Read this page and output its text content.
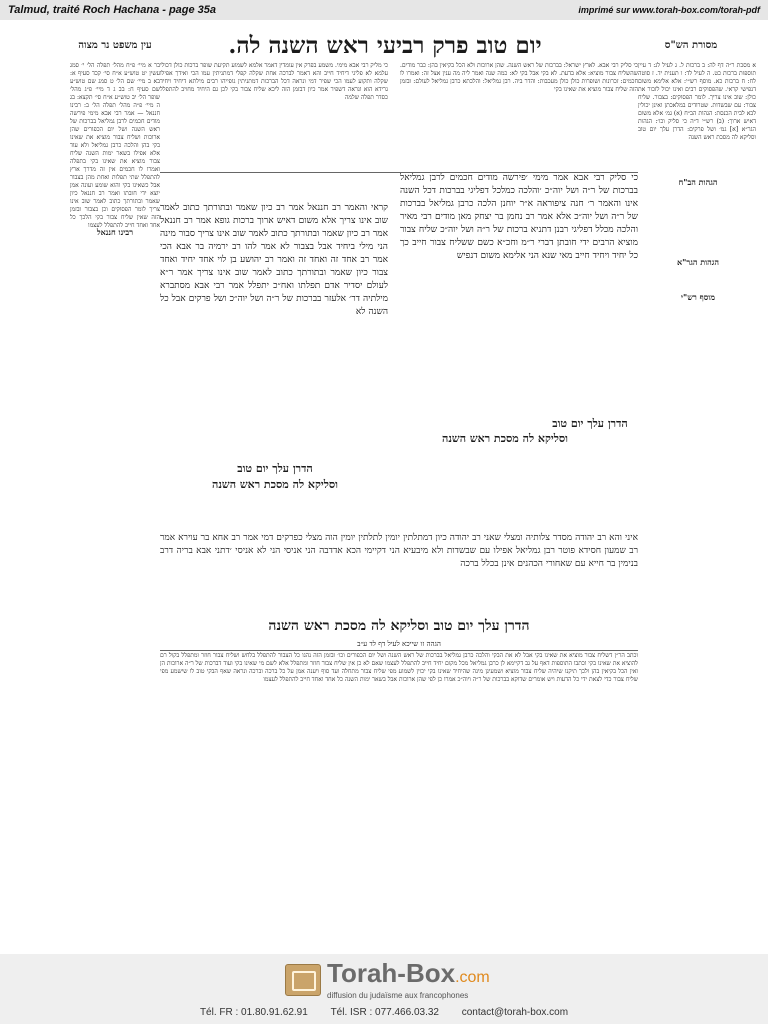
Talmud, traité Roch Hachana - page 35a	imprimé sur www.torah-box.com/torah-pdf
עין משפט נר מצוה	יום טוב פרק רביעי ראש השנה לה.	מסורת הש"ס
בר א מיי׳ פ״ח מהל׳ תפלה הל׳ י׳ סמג עשין יט טוש״ע א״ח סי׳ קכד סעיף א: בא ב מיי׳ שם הל׳ ט סמג שם טוש״ע שם סעיף ח: בב ג ד מיי׳ פ״ג מהל׳ שופר הל׳ יב טוש״ע א״ח סי׳ תקצא: בג ה מיי׳ פ״ה מהל׳ תפלה הל׳ ב: רבינו חננאל — אמר רבי אבא מימי פירשה מודים חכמים לרבן גמליאל בברכות של ראש השנה ושל יום הכפורים שהן ארוכות ושליח צבור מוציא את שאינו בקי בהן והלכה כרבן גמליאל ולא עוד אלא אפילו בשאר ימות השנה שליח צבור מוציא את שאינו בקי בתפלה ואמרו לו חכמים אין זה מדרך ארץ להתפלל שתי תפלות ואחת מהן בצבור אבל כשאינו בקי והוא שומע ועונה אמן יוצא ידי חובתו ואמר רב חננאל כיון שאמר ובתורתך כתוב לאמר שוב אינו צריך לומר הפסוקים וכן בצבור ובזמן הזה שאין שליח צבור בקי הלכך כל אחד ואחד חייב להתפלל לעצמו
רבינו חננאל
א מסכת ר״ה דף לה: ב ברכות ל. ג לעיל לג: ד עיין תוספות ברכות כט. ה לעיל לד: ו תענית יד. ז סוטה לח: ח ברכות כא. מוסף רש״י: אלא אלימא משום דנפישי קראי. שהפסוקים רבים ואינו יכול לזכור את כולן: שוב אינו צריך. לומר הפסוקים: בצבור. שליח צבור: עם שבשדות. שטרודים במלאכתן ואינן יכולין לבא לבית הכנסת: הגהות הב״ח (א) גמ׳ אלא משום דאיש ארוך: (ב) רש״י ד״ה כי סליק וכו׳: הגהות הגר״א [א] גמ׳ ושל פרקים: הדרן עלך יום טוב וסליקא לה מסכת ראש השנה
הגהות הב"ח
הגהות הגר"א
מוסף רש"י
כי סליק רבי אבא. לארץ ישראל: בברכות של ראש השנה. שהן ארוכות ולא הכל בקיאין בהן: כבר מודים. שהשליח צבור מוציא: אלא בדעת. לא בקי אבל בקי לא: כמה שנה ואמר ליה מה ענין אצל זה: ואמרו לו חכמים: זכרונות ושופרות כולן כולן מעכבות: והדר ביה. רבן גמליאל: והלכתא כרבן גמליאל לעולם: ובזמן הזה שליח צבור מוציא את שאינו בקי
כי מליק רבי אבא מימי. משמע בפרק אין עומדין דאמר אלמא לשמוע תקיעת שופר ברכות כולן דכולי עלמא לא פליגי דיחיד חייב והא דאמר לברכה אחת שקלה קפלי דמתניתין עמו הכי ואידך אפילו שקלה ותקוע לעמו הכי שפיר דמי ונראה דכל הברכות דמתניתין גופייהו רבים מילתא דיחיד ויחיד גרידא הוא ונראה דשפיר אמר כיון דבזמן הזה ליכא שליח צבור בקי לכן גם היחיד מחויב להתפלל כסדר תפלה שלמה
כי סליק רבי אבא אמר מימי ׳פירשה מודים חכמים לרבן גמליאל בברכות של ר״ה ושל יוה״כ ׳והלכה כמלכל דפליגי בברכות דכל השנה אינו והאמר ר׳ חנה ציפוראה א״ר יוחנן הלכה כרבן גמליאל בברכות של ר״ה ושל יוה״כ אלא אמר רב נחמן בר יצחק מאן מודים רבי מאיר והלכה מכלל דפליגי רבנן דתניא ברכות של ר״ה ושל יוה״כ שליח צבור מוציא הרבים ידי חובתן דברי ר״מ וחכ״א כשם ששליח צבור חייב כך כל יחיד ויחיד חייב מאי שנא הני אלימא משום דנפיש
קראי והאמר רב חננאל אמר רב כיון שאמר ובתורתך כתוב לאמר שוב אינו צריך אלא משום דאיש ארוך ברכות גופא אמר רב חננאל אמר רב כיון שאמר ובתורתך כתוב לאמר שוב אינו צריך סבור מינה הני מילי ביחיד אבל בצבור לא אמר להו רב ירמיה בר אבא הכי אמר רב אחד זה ואחד זה ואמר רב יהושע בן לוי אחד יחיד ואחד צבור כיון שאמר ובתורתך כתוב לאמר שוב אינו צריך אמר ר״א לעולם יסדיר אדם תפלתו ואח״כ יתפלל אמר רבי אבא מסתברא מילתיה דר׳ אלעזר בברכות של ר״ה ושל יוה״כ ושל פרקים אבל כל השנה לא
הדרן עלך יום טוב
וסליקא לה מסכת ראש השנה
הדרן עלך יום טוב
וסליקא לה מסכת ראש השנה
איני והא רב יהודה מסדר צלותיה ומצלי שאני רב יהודה כיון דמתלתין יומין לתלתין יומין הוה מצלי כפרקים דמי אמר רב אחא בר עוירא אמר רב שמעון חסידא פוטר רבן גמליאל אפילו עם שבשדות ולא מיבעיא הני דקיימי הכא אדדבה הני אניסי הני לא אניסי ׳דתני אבא בריה דרב בנימין בר חייא עם שאחורי הכהנים אינן בכלל ברכה
הדרן עלך יום טוב וסליקא לה מסכת ראש השנה
הגהה זו שייכא לעיל דף לד ע״ב
וכתב הר״ן דשליח צבור מוציא את שאינו בקי אבל לא את הבקי והלכה כרבן גמליאל בברכות של ראש השנה ושל יום הכפורים וכו׳ ובזמן הזה נהגו כל הצבור להתפלל בלחש ושליח צבור חוזר ומתפלל בקול רם להוציא את שאינו בקי וכתבו התוספות דאף על גב דקיימא לן כרבן גמליאל מכל מקום יחיד חייב להתפלל לעצמו שאם לא כן אין שליח צבור חוזר ומתפלל אלא לשם מי שאינו בקי ועוד דברכות של ר״ה ארוכות הן ואין הכל בקיאין בהן ולכך תיקנו שיהיה שליח צבור מוציא ושמעינן מינה שהיחיד שאינו בקי יכוין לשמוע מפי שליח צבור מתחלה ועד סוף ויענה אמן על כל ברכה וברכה ונראה שאף הבקי טוב לו שישמע מפי שליח צבור כדי לצאת ידי כל הדעות ויש אומרים שדוקא בברכות של ר״ה ויוה״כ אמרו כן לפי שהן ארוכות אבל בשאר ימות השנה כל אחד ואחד חייב להתפלל לעצמו
Torah-Box.com
diffusion du judaïsme aux francophones
Tél. FR : 01.80.91.62.91 Tél. ISR : 077.466.03.32 contact@torah-box.com
